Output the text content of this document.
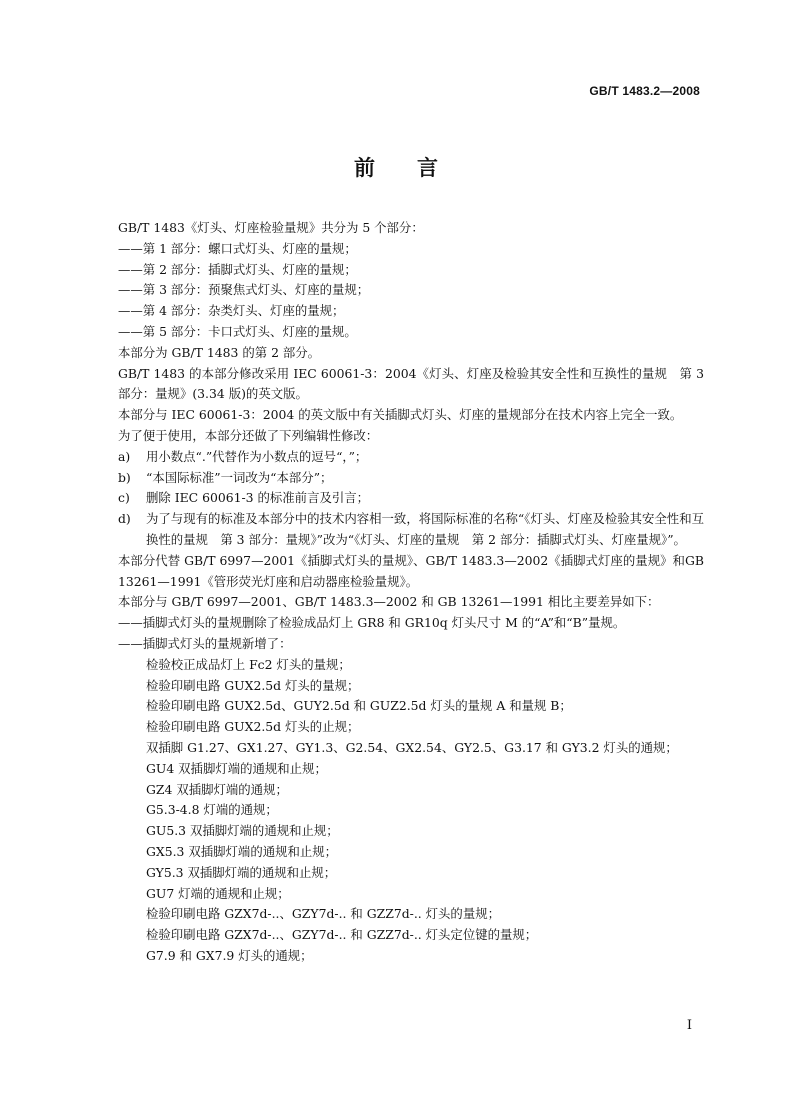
GB/T 1483.2—2008
前 言

GB/T 1483《灯头、灯座检验量规》共分为 5 个部分：

——第 1 部分：螺口式灯头、灯座的量规；

——第 2 部分：插脚式灯头、灯座的量规；

——第 3 部分：预聚焦式灯头、灯座的量规；

——第 4 部分：杂类灯头、灯座的量规；

——第 5 部分：卡口式灯头、灯座的量规。

本部分为 GB/T 1483 的第 2 部分。

GB/T 1483 的本部分修改采用 IEC 60061-3：2004《灯头、灯座及检验其安全性和互换性的量规　第 3 部分：量规》(3.34 版)的英文版。

本部分与 IEC 60061-3：2004 的英文版中有关插脚式灯头、灯座的量规部分在技术内容上完全一致。

为了便于使用，本部分还做了下列编辑性修改：

a)	用小数点“.”代替作为小数点的逗号“，”；
b)	“本国际标准”一词改为“本部分”；
c)	删除 IEC 60061-3 的标准前言及引言；
d)	为了与现有的标准及本部分中的技术内容相一致，将国际标准的名称“《灯头、灯座及检验其安全性和互换性的量规　第 3 部分：量规》”改为“《灯头、灯座的量规　第 2 部分：插脚式灯头、灯座量规》”。

本部分代替 GB/T 6997—2001《插脚式灯头的量规》、GB/T 1483.3—2002《插脚式灯座的量规》和GB 13261—1991《管形荧光灯座和启动器座检验量规》。

本部分与 GB/T 6997—2001、GB/T 1483.3—2002 和 GB 13261—1991 相比主要差异如下：

——插脚式灯头的量规删除了检验成品灯上 GR8 和 GR10q 灯头尺寸 M 的“A”和“B”量规。

——插脚式灯头的量规新增了：

检验校正成品灯上 Fc2 灯头的量规；

检验印刷电路 GUX2.5d 灯头的量规；

检验印刷电路 GUX2.5d、GUY2.5d 和 GUZ2.5d 灯头的量规 A 和量规 B；

检验印刷电路 GUX2.5d 灯头的止规；

双插脚 G1.27、GX1.27、GY1.3、G2.54、GX2.54、GY2.5、G3.17 和 GY3.2 灯头的通规；

GU4 双插脚灯端的通规和止规；

GZ4 双插脚灯端的通规；

G5.3-4.8 灯端的通规；

GU5.3 双插脚灯端的通规和止规；

GX5.3 双插脚灯端的通规和止规；

GY5.3 双插脚灯端的通规和止规；

GU7 灯端的通规和止规；

检验印刷电路 GZX7d-..、GZY7d-.. 和 GZZ7d-.. 灯头的量规；

检验印刷电路 GZX7d-..、GZY7d-.. 和 GZZ7d-.. 灯头定位键的量规；

G7.9 和 GX7.9 灯头的通规；

I
